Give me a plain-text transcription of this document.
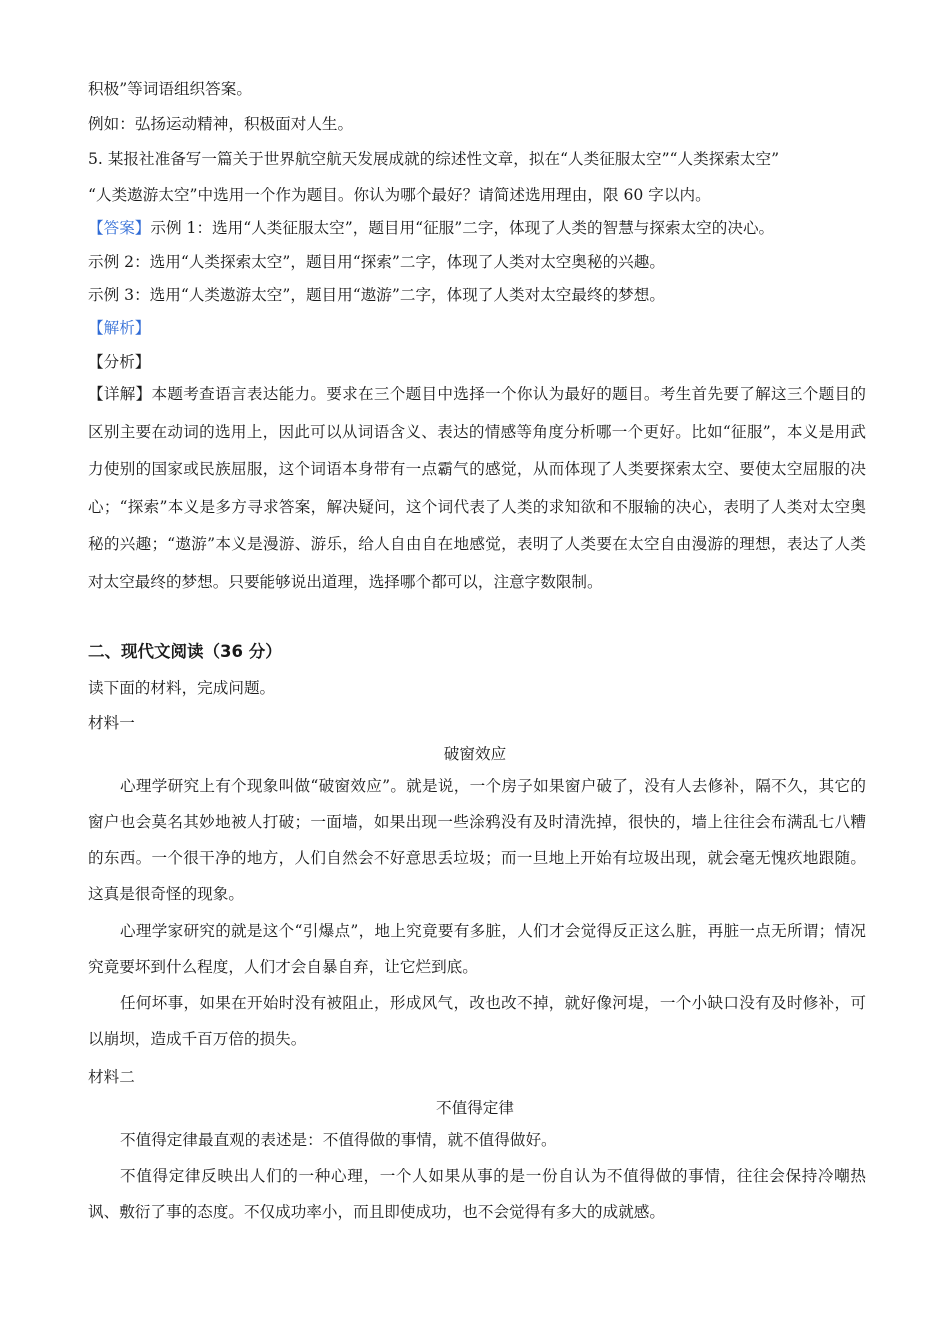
积极”等词语组织答案。
例如：弘扬运动精神，积极面对人生。
5. 某报社准备写一篇关于世界航空航天发展成就的综述性文章，拟在“人类征服太空”“人类探索太空”
“人类遨游太空”中选用一个作为题目。你认为哪个最好？请简述选用理由，限 60 字以内。
【答案】示例 1：选用“人类征服太空”，题目用“征服”二字，体现了人类的智慧与探索太空的决心。
示例 2：选用“人类探索太空”，题目用“探索”二字，体现了人类对太空奥秘的兴趣。
示例 3：选用“人类遨游太空”，题目用“遨游”二字，体现了人类对太空最终的梦想。
【解析】
【分析】
【详解】本题考查语言表达能力。要求在三个题目中选择一个你认为最好的题目。考生首先要了解这三个题目的区别主要在动词的选用上，因此可以从词语含义、表达的情感等角度分析哪一个更好。比如“征服”，本义是用武力使别的国家或民族屈服，这个词语本身带有一点霸气的感觉，从而体现了人类要探索太空、要使太空屈服的决心；“探索”本义是多方寻求答案，解决疑问，这个词代表了人类的求知欲和不服输的决心，表明了人类对太空奥秘的兴趣；“遨游”本义是漫游、游乐，给人自由自在地感觉，表明了人类要在太空自由漫游的理想，表达了人类对太空最终的梦想。只要能够说出道理，选择哪个都可以，注意字数限制。
二、现代文阅读（36 分）
读下面的材料，完成问题。
材料一
破窗效应
心理学研究上有个现象叫做“破窗效应”。就是说，一个房子如果窗户破了，没有人去修补，隔不久，其它的窗户也会莫名其妙地被人打破；一面墙，如果出现一些涂鸦没有及时清洗掉，很快的，墙上往往会布满乱七八糟的东西。一个很干净的地方，人们自然会不好意思丢垃圾；而一旦地上开始有垃圾出现，就会毫无愧疚地跟随。这真是很奇怪的现象。
心理学家研究的就是这个“引爆点”，地上究竟要有多脏，人们才会觉得反正这么脏，再脏一点无所谓；情况究竟要坏到什么程度，人们才会自暴自弃，让它烂到底。
任何坏事，如果在开始时没有被阻止，形成风气，改也改不掉，就好像河堤，一个小缺口没有及时修补，可以崩坝，造成千百万倍的损失。
材料二
不值得定律
不值得定律最直观的表述是：不值得做的事情，就不值得做好。
不值得定律反映出人们的一种心理，一个人如果从事的是一份自认为不值得做的事情，往往会保持冷嘲热讽、敷衍了事的态度。不仅成功率小，而且即使成功，也不会觉得有多大的成就感。
